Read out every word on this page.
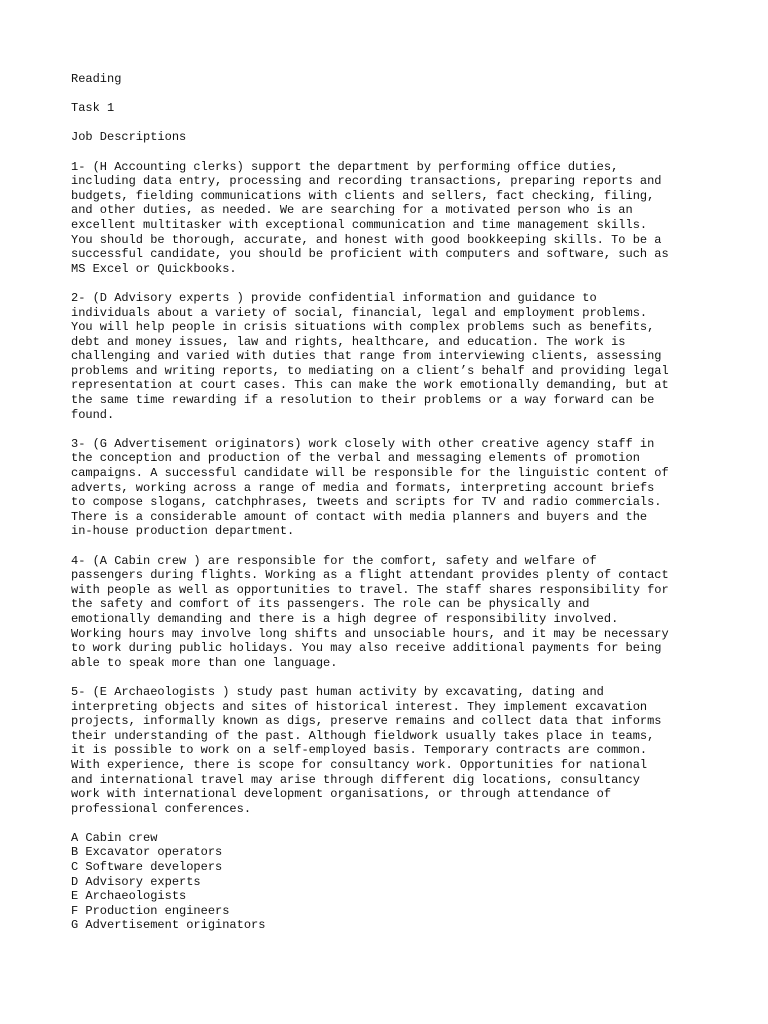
Reading
Task 1
Job Descriptions
1- (H Accounting clerks) support the department by performing office duties,
including data entry, processing and recording transactions, preparing reports and
budgets, fielding communications with clients and sellers, fact checking, filing,
and other duties, as needed. We are searching for a motivated person who is an
excellent multitasker with exceptional communication and time management skills.
You should be thorough, accurate, and honest with good bookkeeping skills. To be a
successful candidate, you should be proficient with computers and software, such as
MS Excel or Quickbooks.
2- (D Advisory experts ) provide confidential information and guidance to
individuals about a variety of social, financial, legal and employment problems.
You will help people in crisis situations with complex problems such as benefits,
debt and money issues, law and rights, healthcare, and education. The work is
challenging and varied with duties that range from interviewing clients, assessing
problems and writing reports, to mediating on a client’s behalf and providing legal
representation at court cases. This can make the work emotionally demanding, but at
the same time rewarding if a resolution to their problems or a way forward can be
found.
3- (G Advertisement originators) work closely with other creative agency staff in
the conception and production of the verbal and messaging elements of promotion
campaigns. A successful candidate will be responsible for the linguistic content of
adverts, working across a range of media and formats, interpreting account briefs
to compose slogans, catchphrases, tweets and scripts for TV and radio commercials.
There is a considerable amount of contact with media planners and buyers and the
in-house production department.
4- (A Cabin crew ) are responsible for the comfort, safety and welfare of
passengers during flights. Working as a flight attendant provides plenty of contact
with people as well as opportunities to travel. The staff shares responsibility for
the safety and comfort of its passengers. The role can be physically and
emotionally demanding and there is a high degree of responsibility involved.
Working hours may involve long shifts and unsociable hours, and it may be necessary
to work during public holidays. You may also receive additional payments for being
able to speak more than one language.
5- (E Archaeologists ) study past human activity by excavating, dating and
interpreting objects and sites of historical interest. They implement excavation
projects, informally known as digs, preserve remains and collect data that informs
their understanding of the past. Although fieldwork usually takes place in teams,
it is possible to work on a self-employed basis. Temporary contracts are common.
With experience, there is scope for consultancy work. Opportunities for national
and international travel may arise through different dig locations, consultancy
work with international development organisations, or through attendance of
professional conferences.
A Cabin crew
B Excavator operators
C Software developers
D Advisory experts
E Archaeologists
F Production engineers
G Advertisement originators
